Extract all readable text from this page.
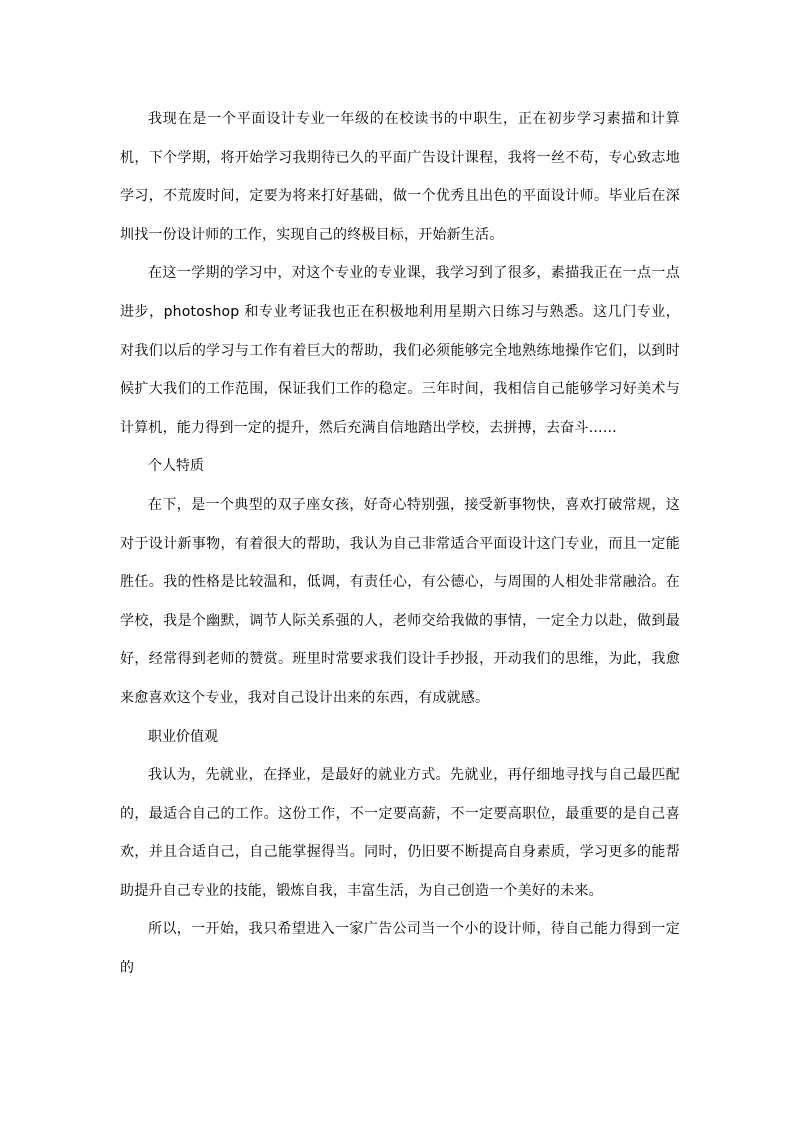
我现在是一个平面设计专业一年级的在校读书的中职生，正在初步学习素描和计算机，下个学期，将开始学习我期待已久的平面广告设计课程，我将一丝不苟，专心致志地学习，不荒废时间，定要为将来打好基础，做一个优秀且出色的平面设计师。毕业后在深圳找一份设计师的工作，实现自己的终极目标，开始新生活。

在这一学期的学习中，对这个专业的专业课，我学习到了很多，素描我正在一点一点进步，photoshop 和专业考证我也正在积极地利用星期六日练习与熟悉。这几门专业，对我们以后的学习与工作有着巨大的帮助，我们必须能够完全地熟练地操作它们，以到时候扩大我们的工作范围，保证我们工作的稳定。三年时间，我相信自己能够学习好美术与计算机，能力得到一定的提升，然后充满自信地踏出学校，去拼搏，去奋斗……

个人特质

在下，是一个典型的双子座女孩，好奇心特别强，接受新事物快，喜欢打破常规，这对于设计新事物，有着很大的帮助，我认为自己非常适合平面设计这门专业，而且一定能胜任。我的性格是比较温和，低调，有责任心，有公德心，与周围的人相处非常融洽。在学校，我是个幽默，调节人际关系强的人，老师交给我做的事情，一定全力以赴，做到最好，经常得到老师的赞赏。班里时常要求我们设计手抄报，开动我们的思维，为此，我愈来愈喜欢这个专业，我对自己设计出来的东西，有成就感。

职业价值观

我认为，先就业，在择业，是最好的就业方式。先就业，再仔细地寻找与自己最匹配的，最适合自己的工作。这份工作，不一定要高薪，不一定要高职位，最重要的是自己喜欢，并且合适自己，自己能掌握得当。同时，仍旧要不断提高自身素质，学习更多的能帮助提升自己专业的技能，锻炼自我，丰富生活，为自己创造一个美好的未来。

所以，一开始，我只希望进入一家广告公司当一个小的设计师，待自己能力得到一定的
